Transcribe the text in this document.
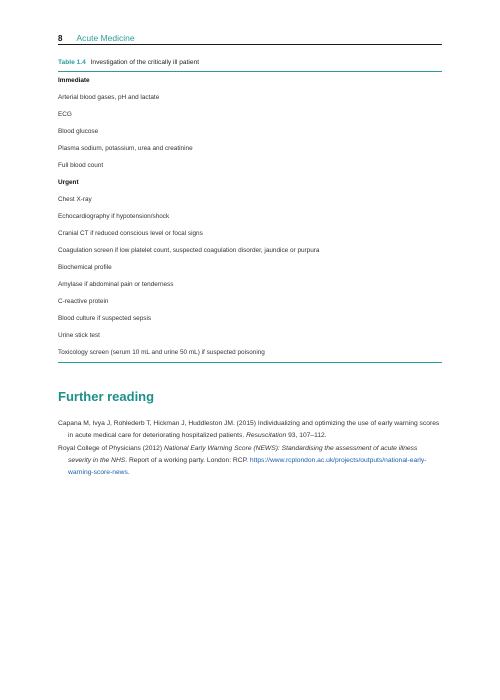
8 Acute Medicine
Table 1.4 Investigation of the critically ill patient
Immediate
Arterial blood gases, pH and lactate
ECG
Blood glucose
Plasma sodium, potassium, urea and creatinine
Full blood count
Urgent
Chest X-ray
Echocardiography if hypotension/shock
Cranial CT if reduced conscious level or focal signs
Coagulation screen if low platelet count, suspected coagulation disorder, jaundice or purpura
Biochemical profile
Amylase if abdominal pain or tenderness
C-reactive protein
Blood culture if suspected sepsis
Urine stick test
Toxicology screen (serum 10 mL and urine 50 mL) if suspected poisoning
Further reading
Capana M, Ivya J, Rohlederb T, Hickman J, Huddleston JM. (2015) Individualizing and optimizing the use of early warning scores in acute medical care for deteriorating hospitalized patients. Resuscitation 93, 107–112.
Royal College of Physicians (2012) National Early Warning Score (NEWS): Standardising the assessment of acute illness severity in the NHS. Report of a working party. London: RCP. https://www.rcplondon.ac.uk/projects/outputs/national-early-warning-score-news.
